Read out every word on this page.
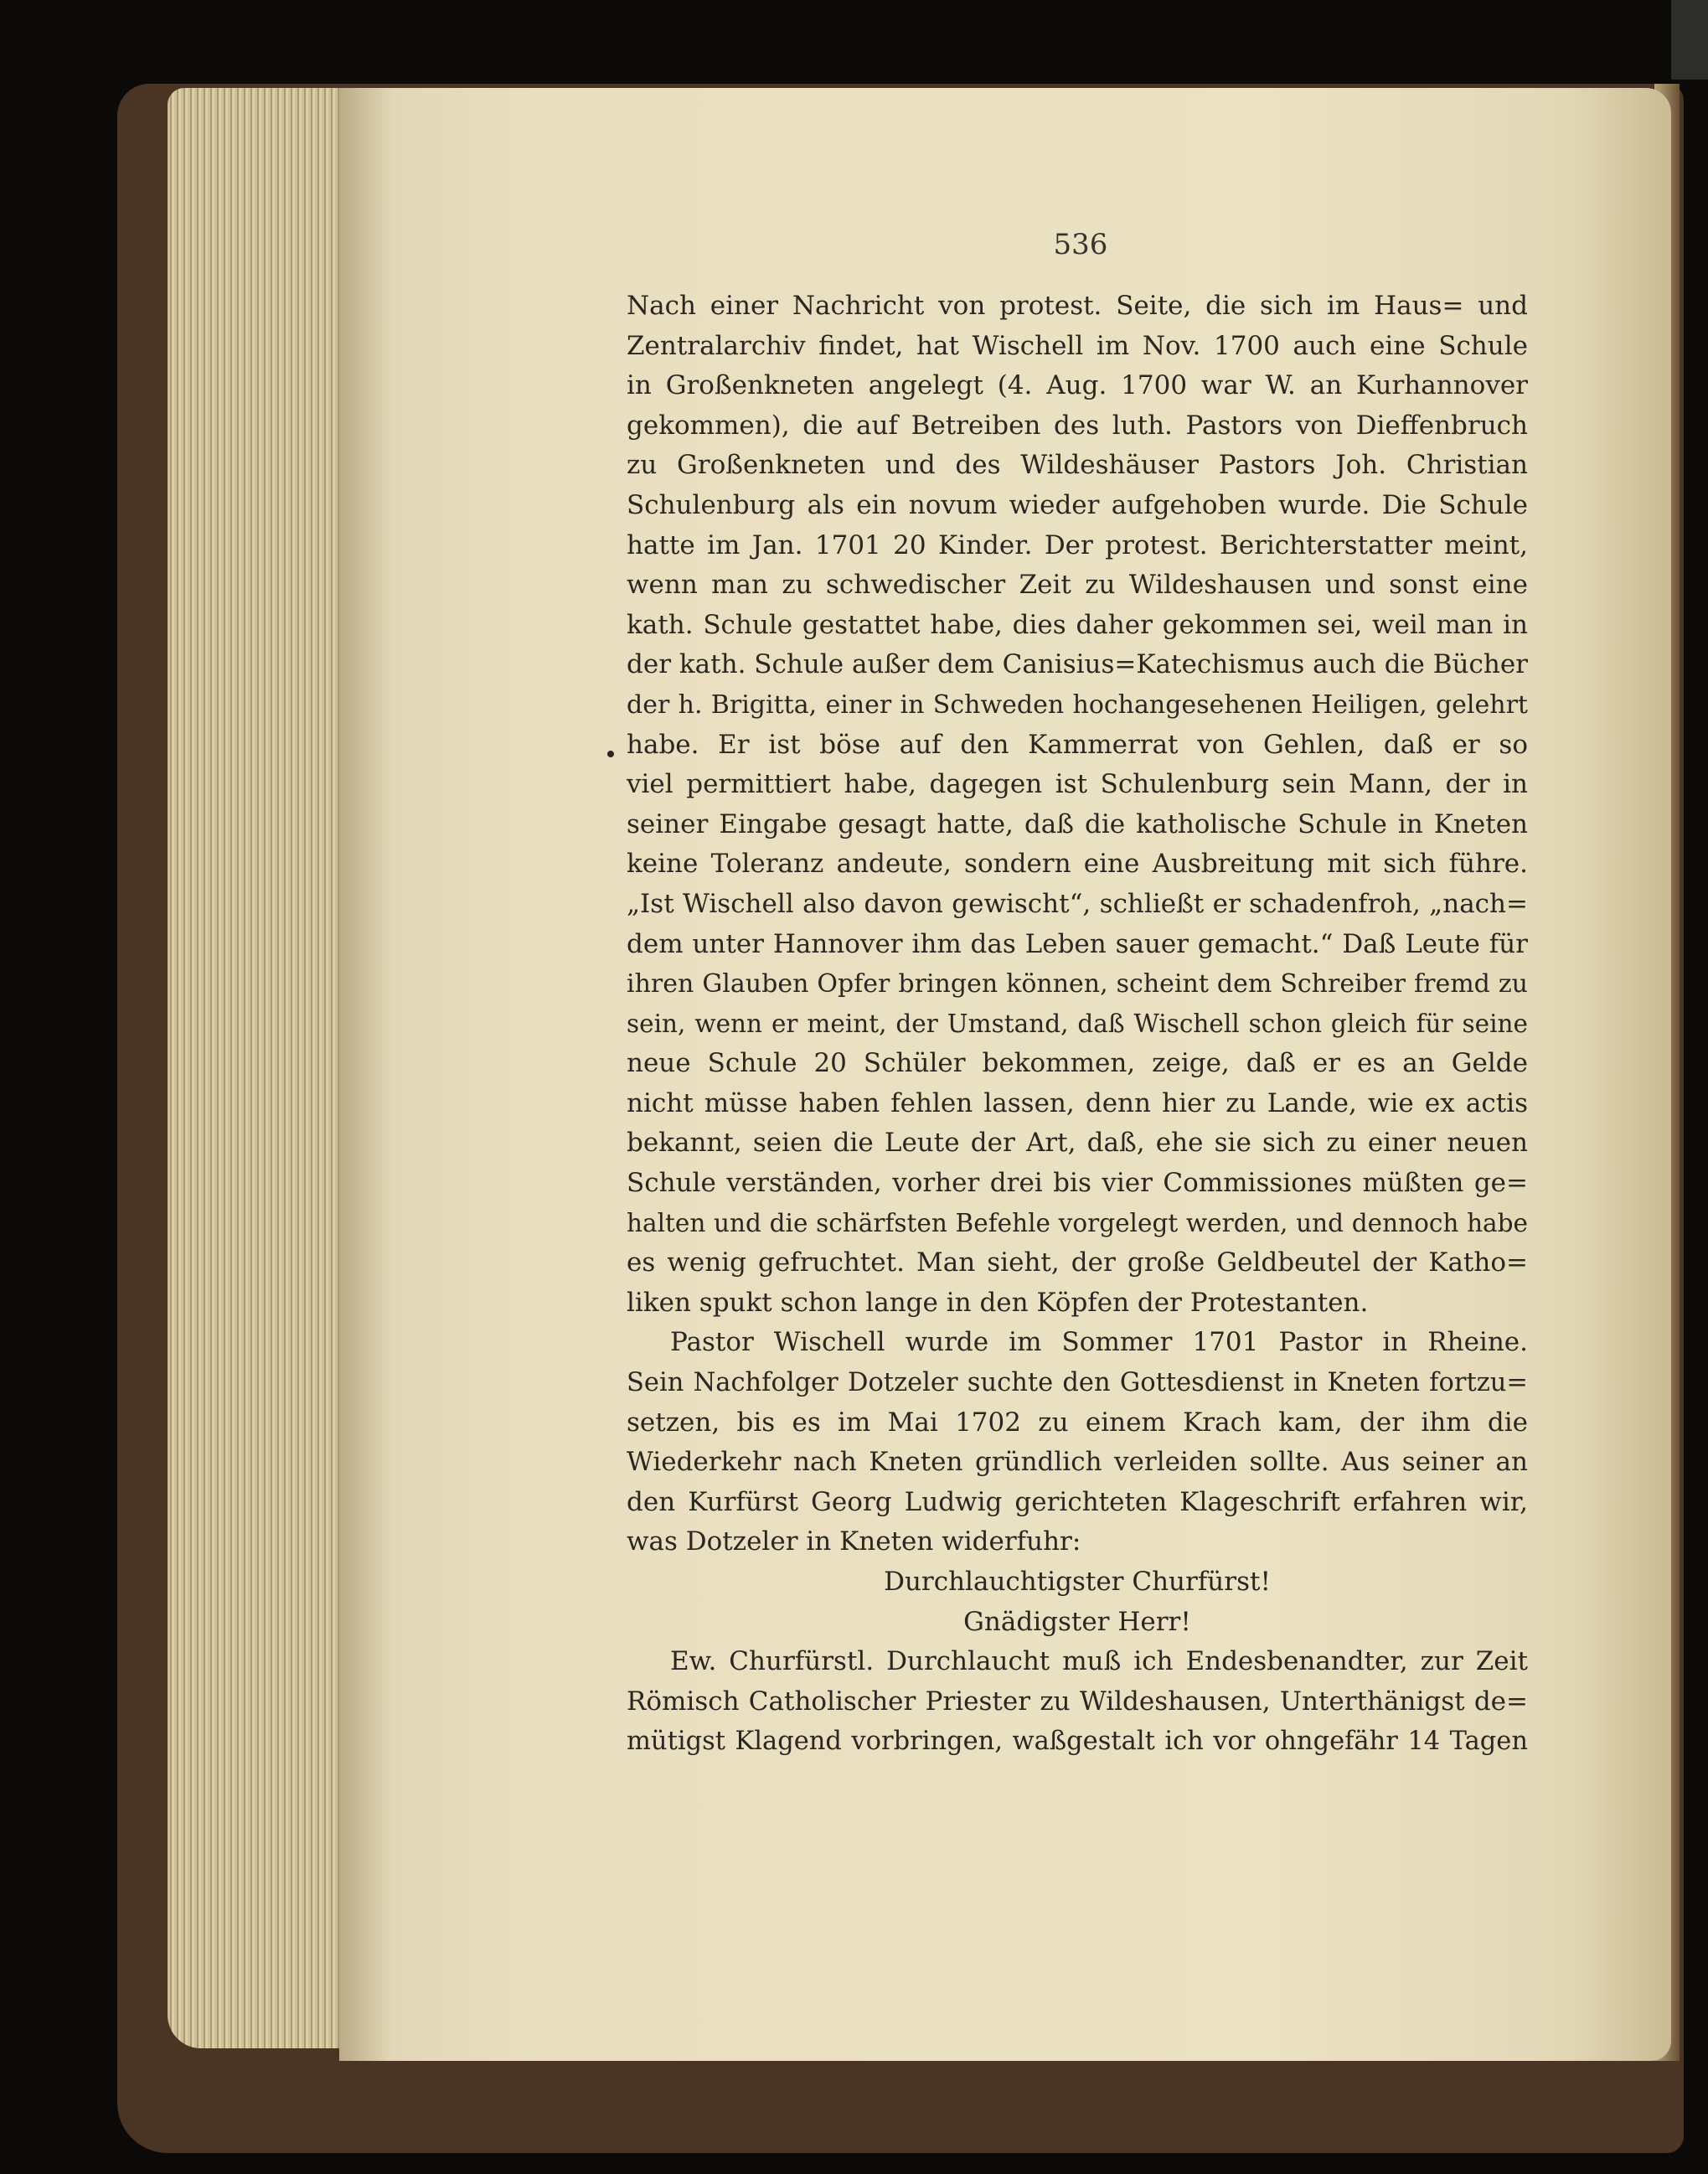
536
Nach einer Nachricht von protest. Seite, die sich im Haus= und
Zentralarchiv findet, hat Wischell im Nov. 1700 auch eine Schule
in Großenkneten angelegt (4. Aug. 1700 war W. an Kurhannover
gekommen), die auf Betreiben des luth. Pastors von Dieffenbruch
zu Großenkneten und des Wildeshäuser Pastors Joh. Christian
Schulenburg als ein novum wieder aufgehoben wurde. Die Schule
hatte im Jan. 1701 20 Kinder. Der protest. Berichterstatter meint,
wenn man zu schwedischer Zeit zu Wildeshausen und sonst eine
kath. Schule gestattet habe, dies daher gekommen sei, weil man in
der kath. Schule außer dem Canisius=Katechismus auch die Bücher
der h. Brigitta, einer in Schweden hochangesehenen Heiligen, gelehrt
habe. Er ist böse auf den Kammerrat von Gehlen, daß er so
viel permittiert habe, dagegen ist Schulenburg sein Mann, der in
seiner Eingabe gesagt hatte, daß die katholische Schule in Kneten
keine Toleranz andeute, sondern eine Ausbreitung mit sich führe.
„Ist Wischell also davon gewischt“, schließt er schadenfroh, „nach=
dem unter Hannover ihm das Leben sauer gemacht.“ Daß Leute für
ihren Glauben Opfer bringen können, scheint dem Schreiber fremd zu
sein, wenn er meint, der Umstand, daß Wischell schon gleich für seine
neue Schule 20 Schüler bekommen, zeige, daß er es an Gelde
nicht müsse haben fehlen lassen, denn hier zu Lande, wie ex actis
bekannt, seien die Leute der Art, daß, ehe sie sich zu einer neuen
Schule verständen, vorher drei bis vier Commissiones müßten ge=
halten und die schärfsten Befehle vorgelegt werden, und dennoch habe
es wenig gefruchtet. Man sieht, der große Geldbeutel der Katho=
liken spukt schon lange in den Köpfen der Protestanten.
Pastor Wischell wurde im Sommer 1701 Pastor in Rheine.
Sein Nachfolger Dotzeler suchte den Gottesdienst in Kneten fortzu=
setzen, bis es im Mai 1702 zu einem Krach kam, der ihm die
Wiederkehr nach Kneten gründlich verleiden sollte. Aus seiner an
den Kurfürst Georg Ludwig gerichteten Klageschrift erfahren wir,
was Dotzeler in Kneten widerfuhr:
Durchlauchtigster Churfürst!
Gnädigster Herr!
Ew. Churfürstl. Durchlaucht muß ich Endesbenandter, zur Zeit
Römisch Catholischer Priester zu Wildeshausen, Unterthänigst de=
mütigst Klagend vorbringen, waßgestalt ich vor ohngefähr 14 Tagen
